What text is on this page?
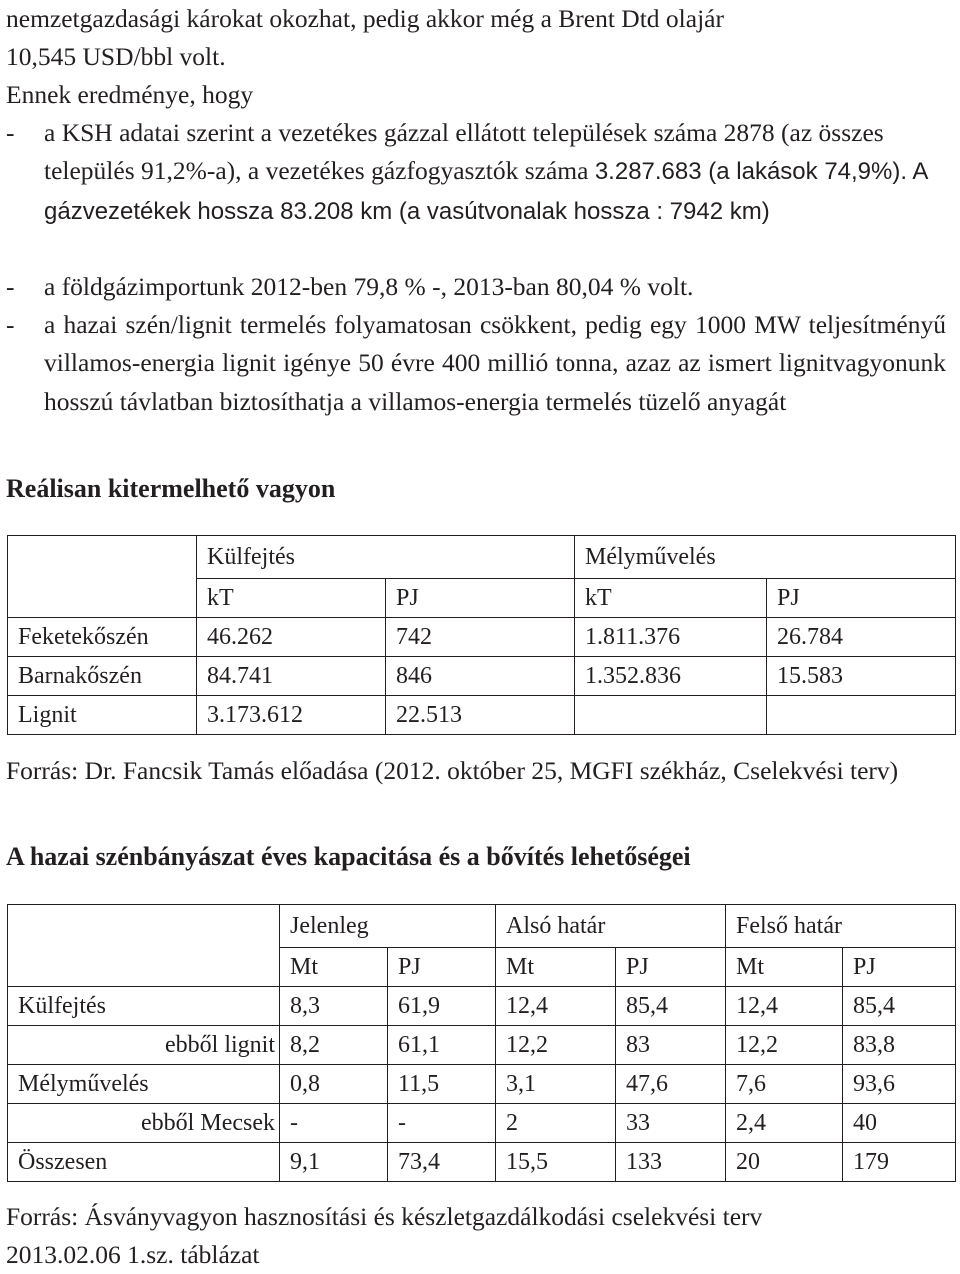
nemzetgazdasági károkat okozhat, pedig akkor még a Brent Dtd olajár
10,545 USD/bbl volt.
Ennek eredménye, hogy
-	a KSH adatai szerint a vezetékes gázzal ellátott települések száma 2878 (az összes település 91,2%-a), a vezetékes gázfogyasztók száma 3.287.683 (a lakások 74,9%). A gázvezetékek hossza 83.208 km (a vasútvonalak hossza : 7942 km)
-	a földgázimportunk 2012-ben 79,8 % -, 2013-ban 80,04 % volt.
-	a hazai szén/lignit termelés folyamatosan csökkent, pedig egy 1000 MW teljesítményű villamos-energia lignit igénye 50 évre 400 millió tonna, azaz az ismert lignitvagyonunk hosszú távlatban biztosíthatja a villamos-energia termelés tüzelő anyagát
Reálisan kitermelhető vagyon
	Külfejtés		Mélyművelés	
	kT	PJ	kT	PJ
Feketekőszén	46.262	742	1.811.376	26.784
Barnakőszén	84.741	846	1.352.836	15.583
Lignit	3.173.612	22.513		
Forrás: Dr. Fancsik Tamás előadása (2012. október 25, MGFI székház, Cselekvési terv)
A hazai szénbányászat éves kapacitása és a bővítés lehetőségei
	Jelenleg		Alsó határ		Felső határ	
	Mt	PJ	Mt	PJ	Mt	PJ
Külfejtés	8,3	61,9	12,4	85,4	12,4	85,4
ebből lignit	8,2	61,1	12,2	83	12,2	83,8
Mélyművelés	0,8	11,5	3,1	47,6	7,6	93,6
ebből Mecsek	-	-	2	33	2,4	40
Összesen	9,1	73,4	15,5	133	20	179
Forrás: Ásványvagyon hasznosítási és készletgazdálkodási cselekvési terv
2013.02.06 1.sz. táblázat
